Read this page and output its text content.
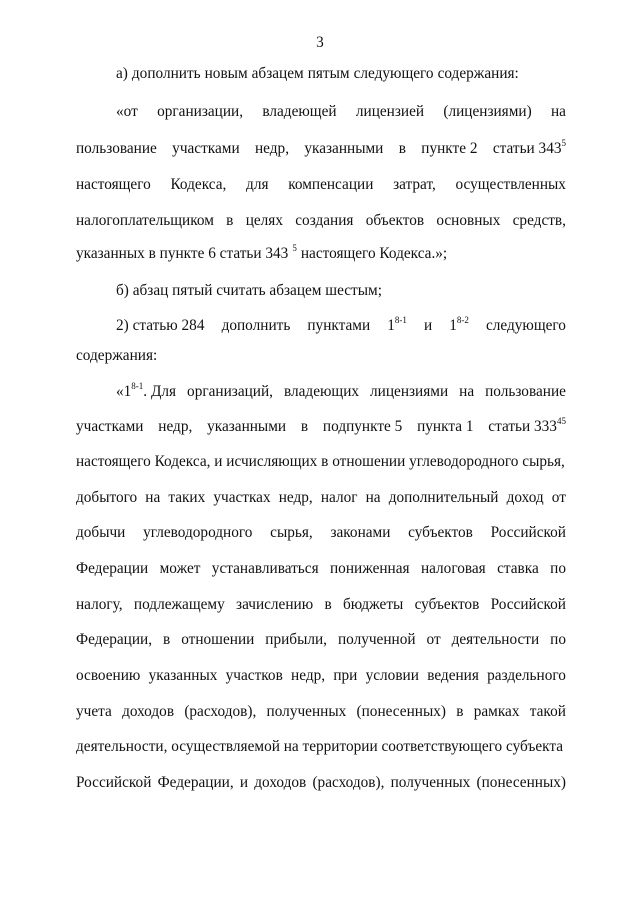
3
а) дополнить новым абзацем пятым следующего содержания:
«от организации, владеющей лицензией (лицензиями) на
пользование участками недр, указанными в пункте 2 статьи $343^5$
настоящего Кодекса, для компенсации затрат, осуществленных
налогоплательщиком в целях создания объектов основных средств,
указанных в пункте 6 статьи 343 $^5$ настоящего Кодекса.»;
б) абзац пятый считать абзацем шестым;
2) статью 284 дополнить пунктами 1$^{8-1}$ и 1$^{8-2}$ следующего
содержания:
«1$^{8-1}$. Для организаций, владеющих лицензиями на пользование
участками недр, указанными в подпункте 5 пункта 1 статьи $333^{45}$
настоящего Кодекса, и исчисляющих в отношении углеводородного сырья,
добытого на таких участках недр, налог на дополнительный доход от
добычи углеводородного сырья, законами субъектов Российской
Федерации может устанавливаться пониженная налоговая ставка по
налогу, подлежащему зачислению в бюджеты субъектов Российской
Федерации, в отношении прибыли, полученной от деятельности по
освоению указанных участков недр, при условии ведения раздельного
учета доходов (расходов), полученных (понесенных) в рамках такой
деятельности, осуществляемой на территории соответствующего субъекта
Российской Федерации, и доходов (расходов), полученных (понесенных)
